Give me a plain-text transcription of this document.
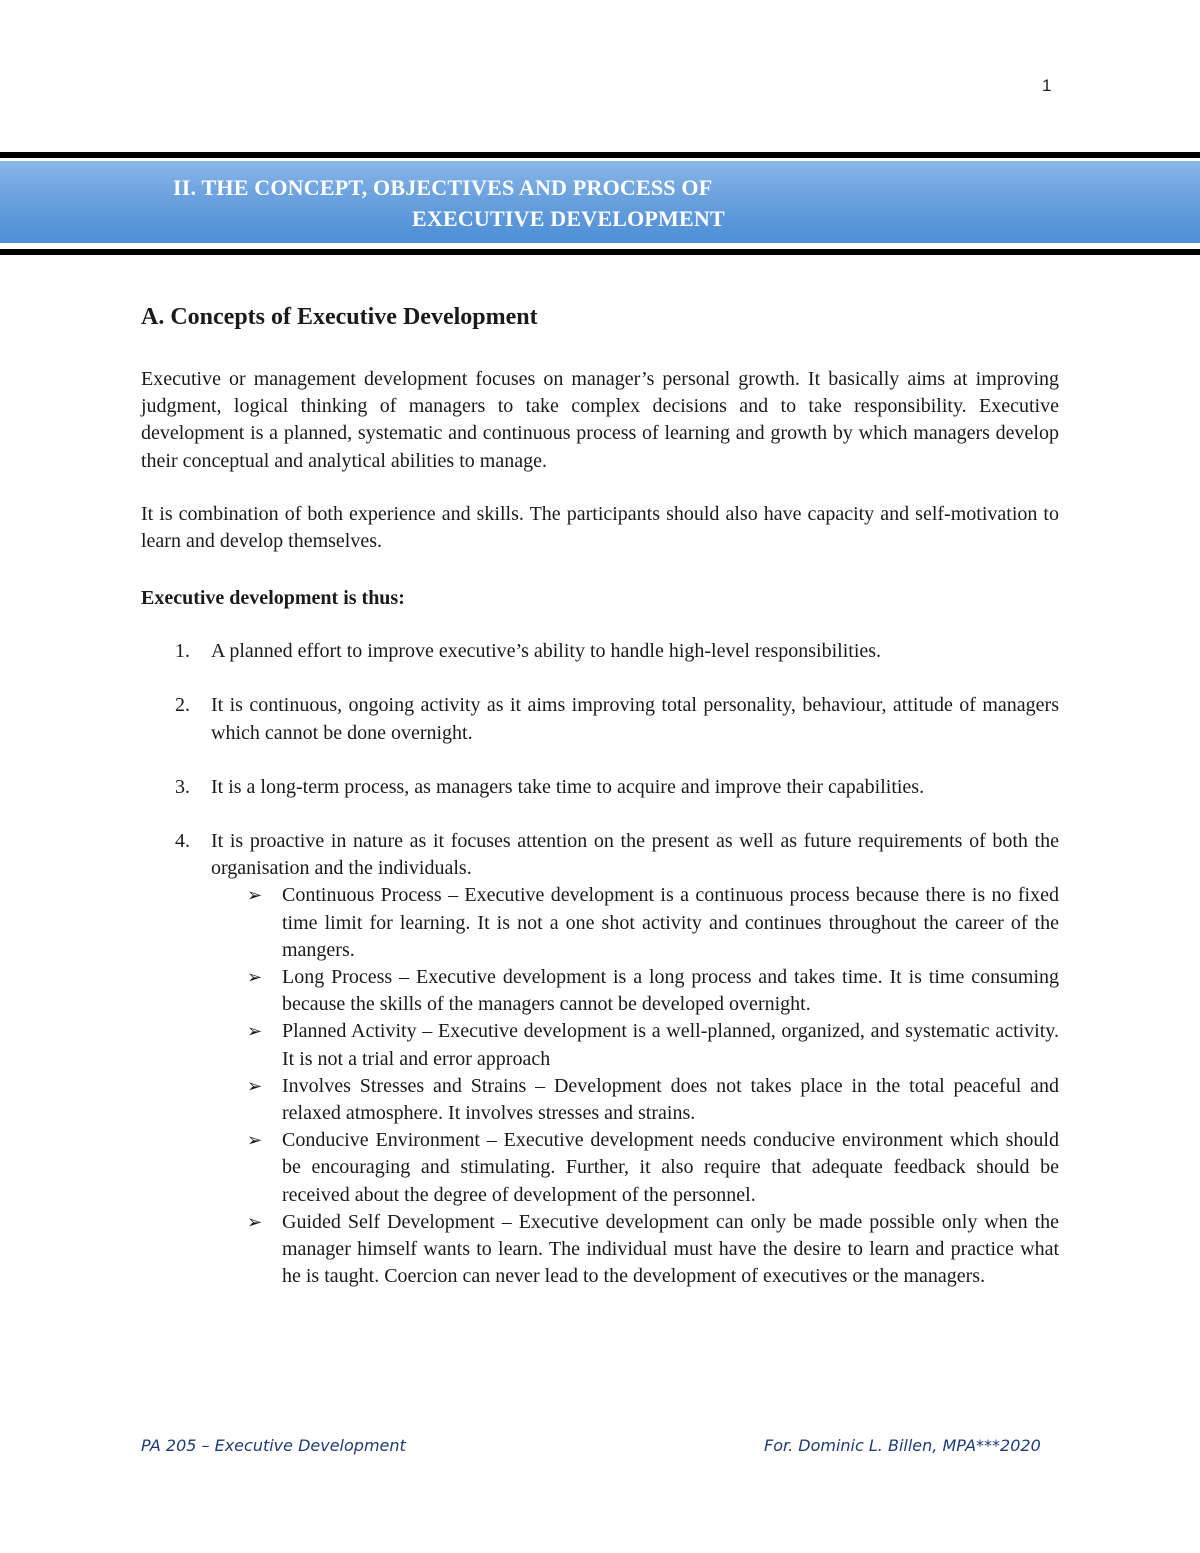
1
II. THE CONCEPT, OBJECTIVES AND PROCESS OF
EXECUTIVE DEVELOPMENT
A. Concepts of Executive Development

Executive or management development focuses on manager’s personal growth. It basically aims at improving judgment, logical thinking of managers to take complex decisions and to take responsibility. Executive development is a planned, systematic and continuous process of learning and growth by which managers develop their conceptual and analytical abilities to manage.

It is combination of both experience and skills. The participants should also have capacity and self-motivation to learn and develop themselves.

Executive development is thus:
1. A planned effort to improve executive’s ability to handle high-level responsibilities.
2. It is continuous, ongoing activity as it aims improving total personality, behaviour, attitude of managers which cannot be done overnight.
3. It is a long-term process, as managers take time to acquire and improve their capabilities.
4. It is proactive in nature as it focuses attention on the present as well as future requirements of both the organisation and the individuals.
➢ Continuous Process – Executive development is a continuous process because there is no fixed time limit for learning. It is not a one shot activity and continues throughout the career of the mangers.
➢ Long Process – Executive development is a long process and takes time. It is time consuming because the skills of the managers cannot be developed overnight.
➢ Planned Activity – Executive development is a well-planned, organized, and systematic activity. It is not a trial and error approach
➢ Involves Stresses and Strains – Development does not takes place in the total peaceful and relaxed atmosphere. It involves stresses and strains.
➢ Conducive Environment – Executive development needs conducive environment which should be encouraging and stimulating. Further, it also require that adequate feedback should be received about the degree of development of the personnel.
➢ Guided Self Development – Executive development can only be made possible only when the manager himself wants to learn. The individual must have the desire to learn and practice what he is taught. Coercion can never lead to the development of executives or the managers.
PA 205 – Executive Development	For. Dominic L. Billen, MPA***2020
